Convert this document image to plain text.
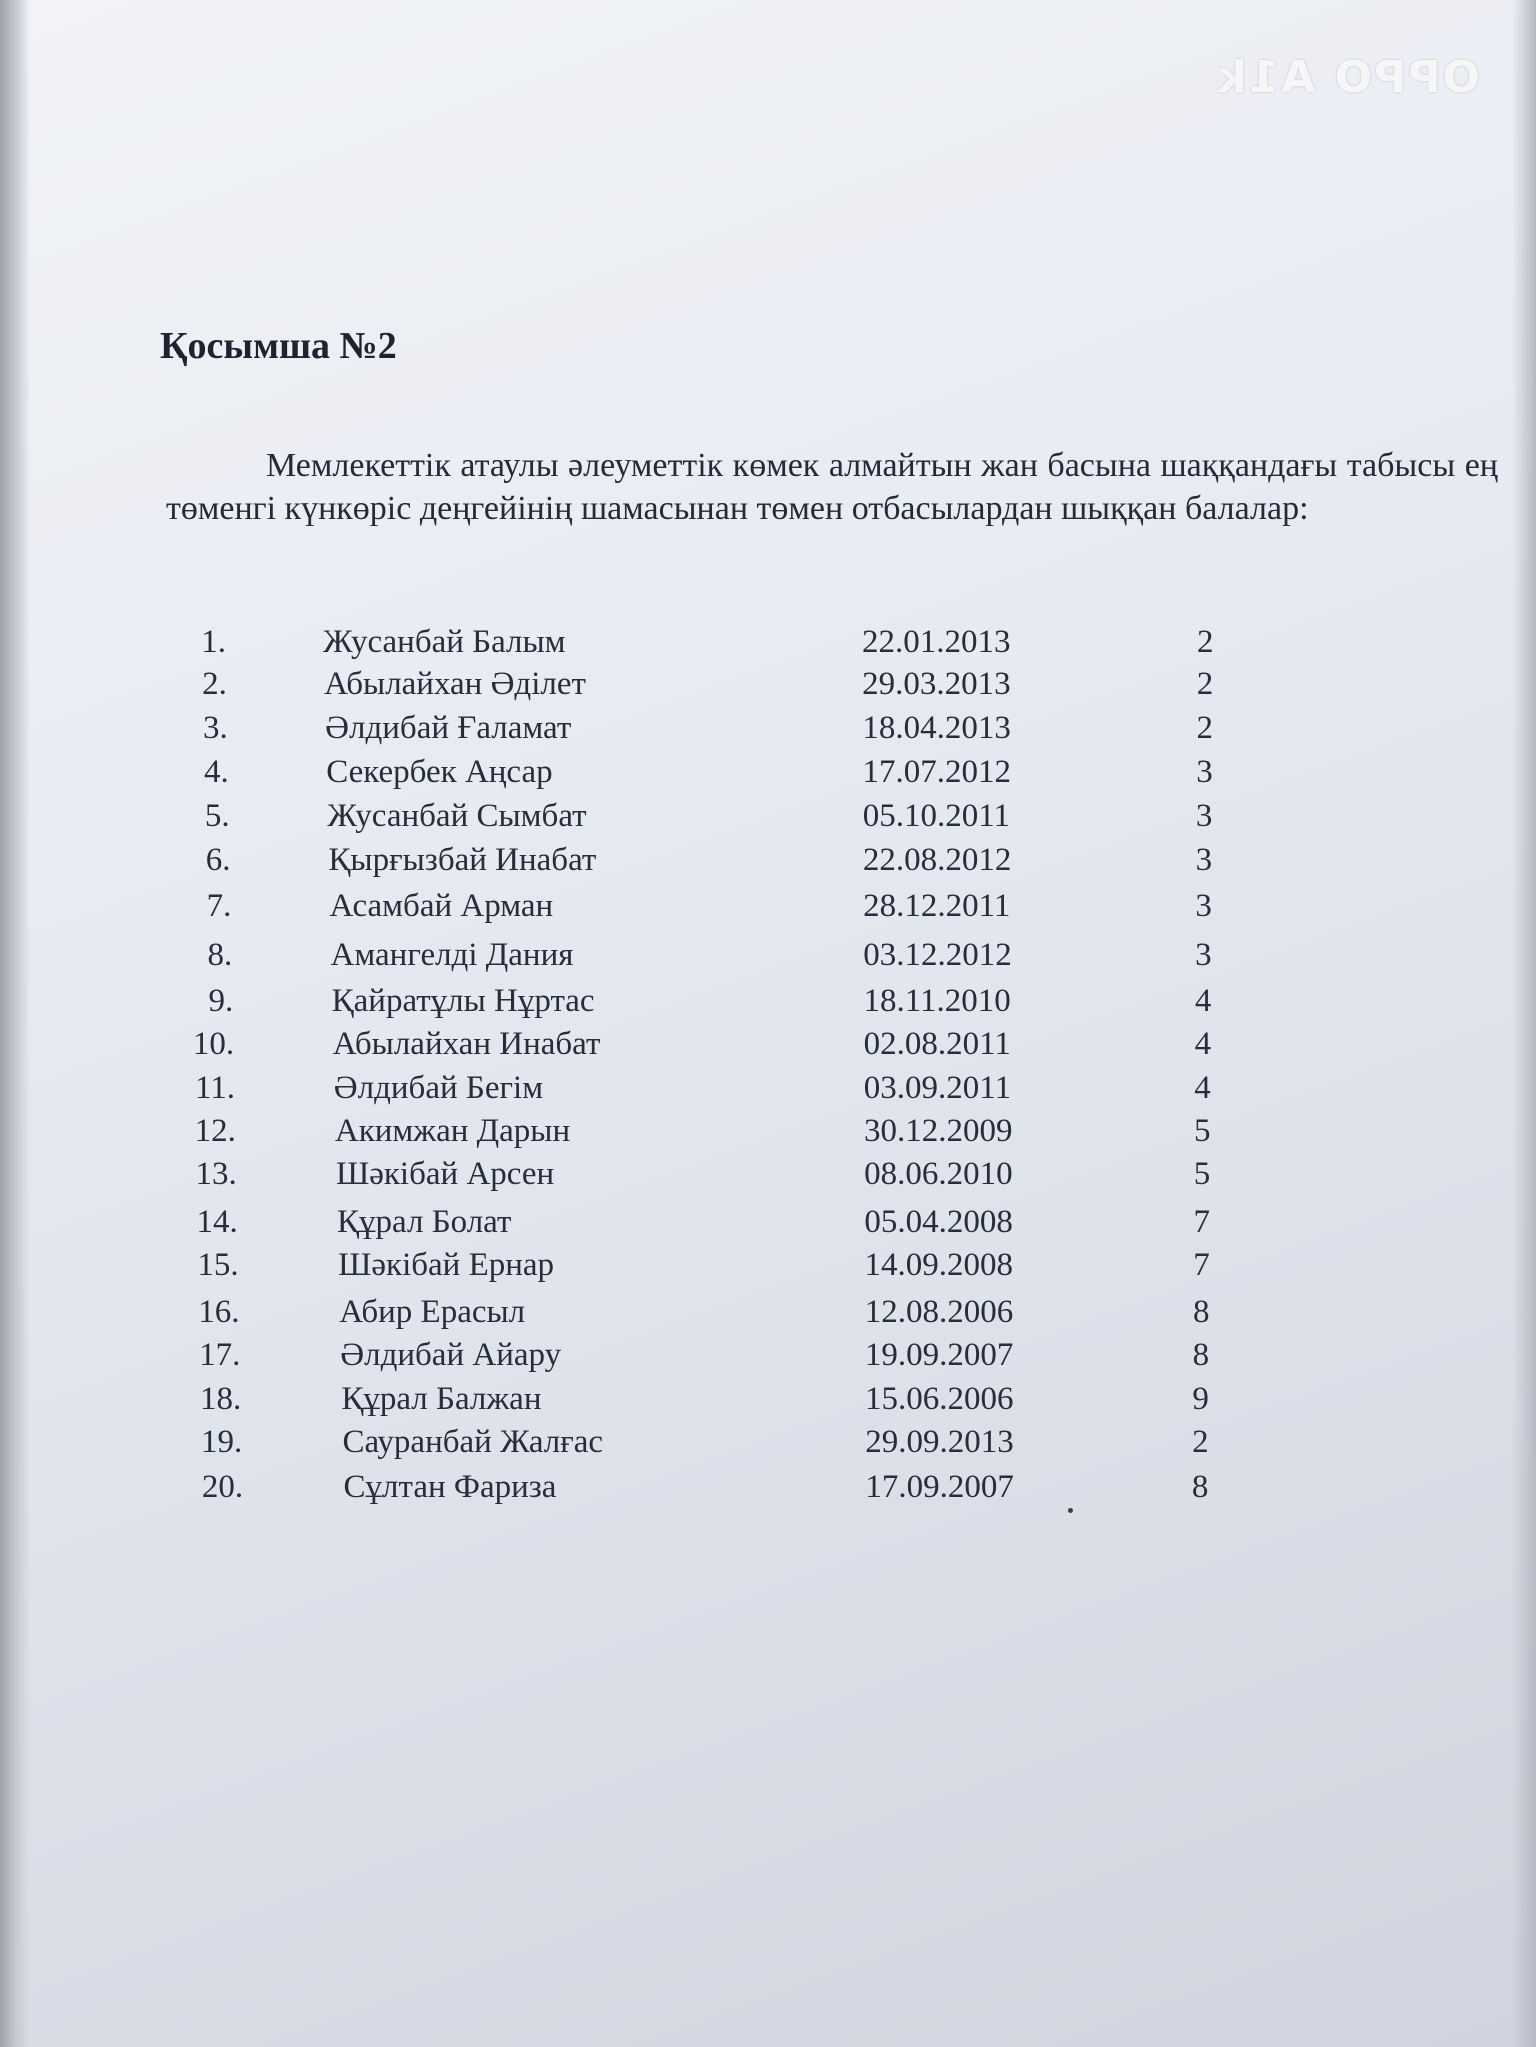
OPPO A1k
Қосымша №2

Мемлекеттік атаулы әлеуметтік көмек алмайтын жан басына шаққандағы табысы ең төменгі күнкөріс деңгейінің шамасынан төмен отбасылардан шыққан балалар:

1.	Жусанбай Балым	22.01.2013	2
2.	Абылайхан Әділет	29.03.2013	2
3.	Әлдибай Ғаламат	18.04.2013	2
4.	Секербек Аңсар	17.07.2012	3
5.	Жусанбай Сымбат	05.10.2011	3
6.	Қырғызбай Инабат	22.08.2012	3
7.	Асамбай Арман	28.12.2011	3
8.	Амангелді Дания	03.12.2012	3
9.	Қайратұлы Нұртас	18.11.2010	4
10.	Абылайхан Инабат	02.08.2011	4
11.	Әлдибай Бегім	03.09.2011	4
12.	Акимжан Дарын	30.12.2009	5
13.	Шәкібай Арсен	08.06.2010	5
14.	Құрал Болат	05.04.2008	7
15.	Шәкібай Ернар	14.09.2008	7
16.	Абир Ерасыл	12.08.2006	8
17.	Әлдибай Айару	19.09.2007	8
18.	Құрал Балжан	15.06.2006	9
19.	Сауранбай Жалғас	29.09.2013	2
20.	Сұлтан Фариза	17.09.2007	8
